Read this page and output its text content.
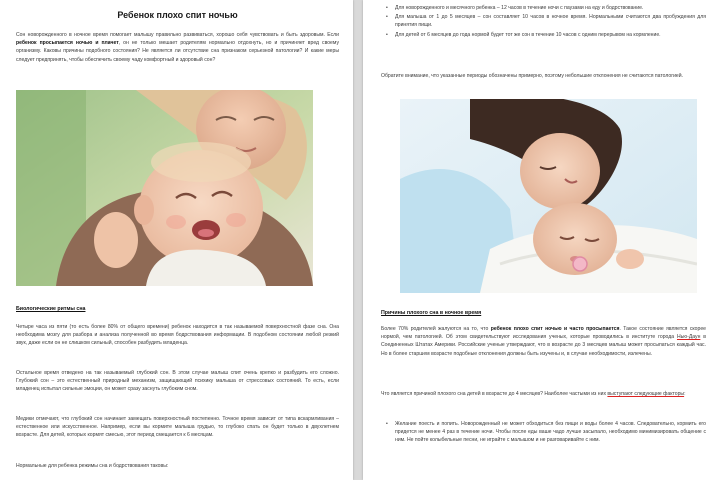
Ребенок плохо спит ночью

Сон новорожденного в ночное время помогает малышу правильно развиваться, хорошо себя чувствовать и быть здоровым. Если ребенок просыпается ночью и плачет, он не только мешает родителям нормально отдохнуть, но и причиняет вред своему организму. Каковы причины подобного состояния? Не является ли отсутствие сна признаком серьезной патологии? И какие меры следует предпринять, чтобы обеспечить своему чаду комфортный и здоровый сон?

Биологические ритмы сна

Четыре часа из пяти (то есть более 80% от общего времени) ребенок находится в так называемой поверхностной фазе сна. Она необходима мозгу для разбора и анализа полученной во время бодрствования информации. В подобном состоянии любой резкий звук, даже если он не слишком сильный, способен разбудить младенца.

Остальное время отведено на так называемый глубокий сон. В этом случае малыш спит очень крепко и разбудить его сложно. Глубокий сон – это естественный природный механизм, защищающий психику малыша от стрессовых состояний. То есть, если младенец испытал сильные эмоции, он может сразу заснуть глубоким сном.

Медики отмечают, что глубокий сон начинает замещать поверхностный постепенно. Точное время зависит от типа вскармливания – естественное или искусственное. Например, если вы кормите малыша грудью, то глубоко спать он будет только в двухлетнем возрасте. Для детей, которых кормят смесью, этот период смещается к 6 месяцам.

Нормальные для ребенка режимы сна и бодрствования таковы:

• Для новорожденного и месячного ребенка – 12 часов в течение ночи с паузами на еду и бодрствование.
• Для малыша от 1 до 5 месяцев – сон составляет 10 часов в ночное время. Нормальными считаются два пробуждения для принятия пищи.
• Для детей от 6 месяцев до года нормой будет тот же сон в течение 10 часов с одним перерывом на кормление.

Обратите внимание, что указанные периоды обозначены примерно, поэтому небольшие отклонения не считаются патологией.

Причины плохого сна в ночное время

Более 70% родителей жалуются на то, что ребенок плохо спит ночью и часто просыпается. Такое состояние является скорее нормой, чем патологией. Об этом свидетельствуют исследования ученых, которые проводились в институте города Нью-Даун в Соединенных Штатах Америки. Российские ученые утверждают, что в возрасте до 3 месяцев малыш может просыпаться каждый час. Но в более старшем возрасте подобные отклонения должны быть изучены и, в случае необходимости, излечены.

Что является причиной плохого сна детей в возрасте до 4 месяцев? Наиболее частыми из них выступают следующие факторы:

• Желание поесть и попить. Новорожденный не может обходиться без пищи и воды более 4 часов. Следовательно, кормить его придется не менее 4 раз в течение ночи. Чтобы после еды ваше чадо лучше засыпало, необходимо минимизировать общение с ним. Не пойте колыбельные песни, не играйте с малышом и не разговаривайте с ним.
